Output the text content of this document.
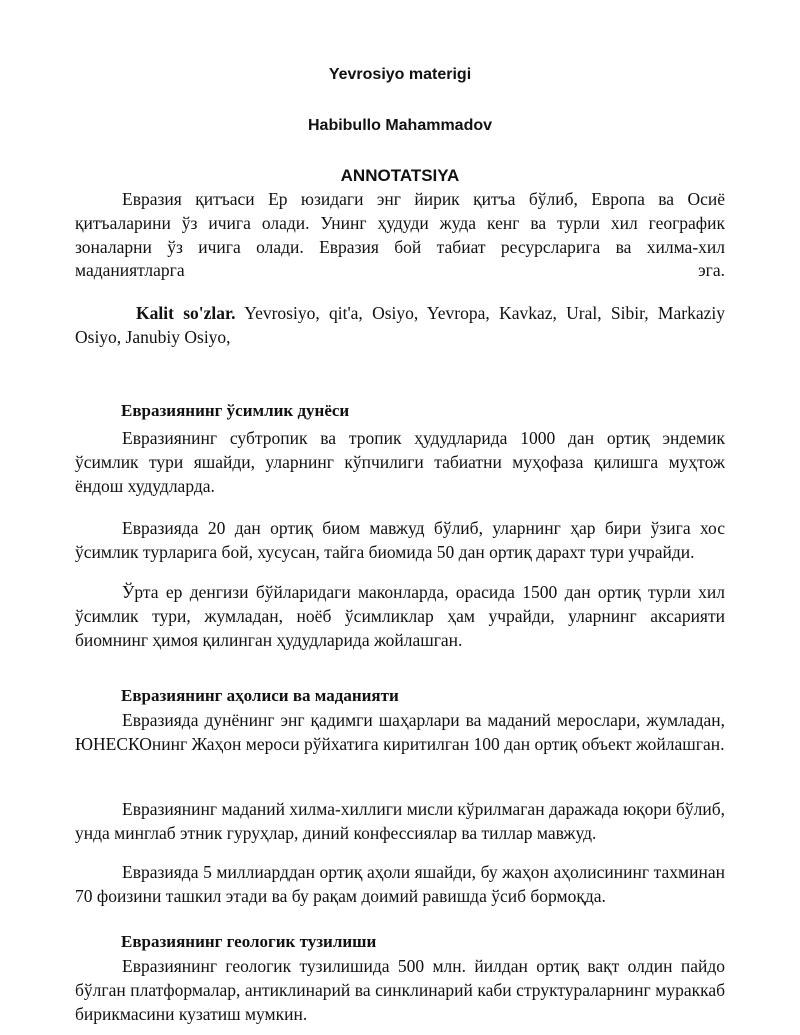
Yevrosiyo materigi

Habibullo Mahammadov

ANNOTATSIYA

Евразия қитъаси Ер юзидаги энг йирик қитъа бўлиб, Европа ва Осиё қитъаларини ўз ичига олади. Унинг ҳудуди жуда кенг ва турли хил географик зоналарни ўз ичига олади. Евразия бой табиат ресурсларига ва хилма-хил маданиятларга эга.

Kalit so'zlar. Yevrosiyo, qit'a, Osiyo, Yevropa, Kavkaz, Ural, Sibir, Markaziy Osiyo, Janubiy Osiyo,

Евразиянинг ўсимлик дунёси

Евразиянинг субтропик ва тропик ҳудудларида 1000 дан ортиқ эндемик ўсимлик тури яшайди, уларнинг кўпчилиги табиатни муҳофаза қилишга муҳтож ёндош худудларда.

Евразияда 20 дан ортиқ биом мавжуд бўлиб, уларнинг ҳар бири ўзига хос ўсимлик турларига бой, хусусан, тайга биомида 50 дан ортиқ дарахт тури учрайди.

Ўрта ер денгизи бўйларидаги маконларда, орасида 1500 дан ортиқ турли хил ўсимлик тури, жумладан, ноёб ўсимликлар ҳам учрайди, уларнинг аксарияти биомнинг ҳимоя қилинган ҳудудларида жойлашган.

Евразиянинг аҳолиси ва маданияти

Евразияда дунёнинг энг қадимги шаҳарлари ва маданий мерослари, жумладан, ЮНЕСКОнинг Жаҳон мероси рўйхатига киритилган 100 дан ортиқ объект жойлашган.

Евразиянинг маданий хилма-хиллиги мисли кўрилмаган даражада юқори бўлиб, унда минглаб этник гуруҳлар, диний конфессиялар ва тиллар мавжуд.

Евразияда 5 миллиарддан ортиқ аҳоли яшайди, бу жаҳон аҳолисининг тахминан 70 фоизини ташкил этади ва бу рақам доимий равишда ўсиб бормоқда.

Евразиянинг геологик тузилиши

Евразиянинг геологик тузилишида 500 млн. йилдан ортиқ вақт олдин пайдо бўлган платформалар, антиклинарий ва синклинарий каби структураларнинг мураккаб бирикмасини кузатиш мумкин.
